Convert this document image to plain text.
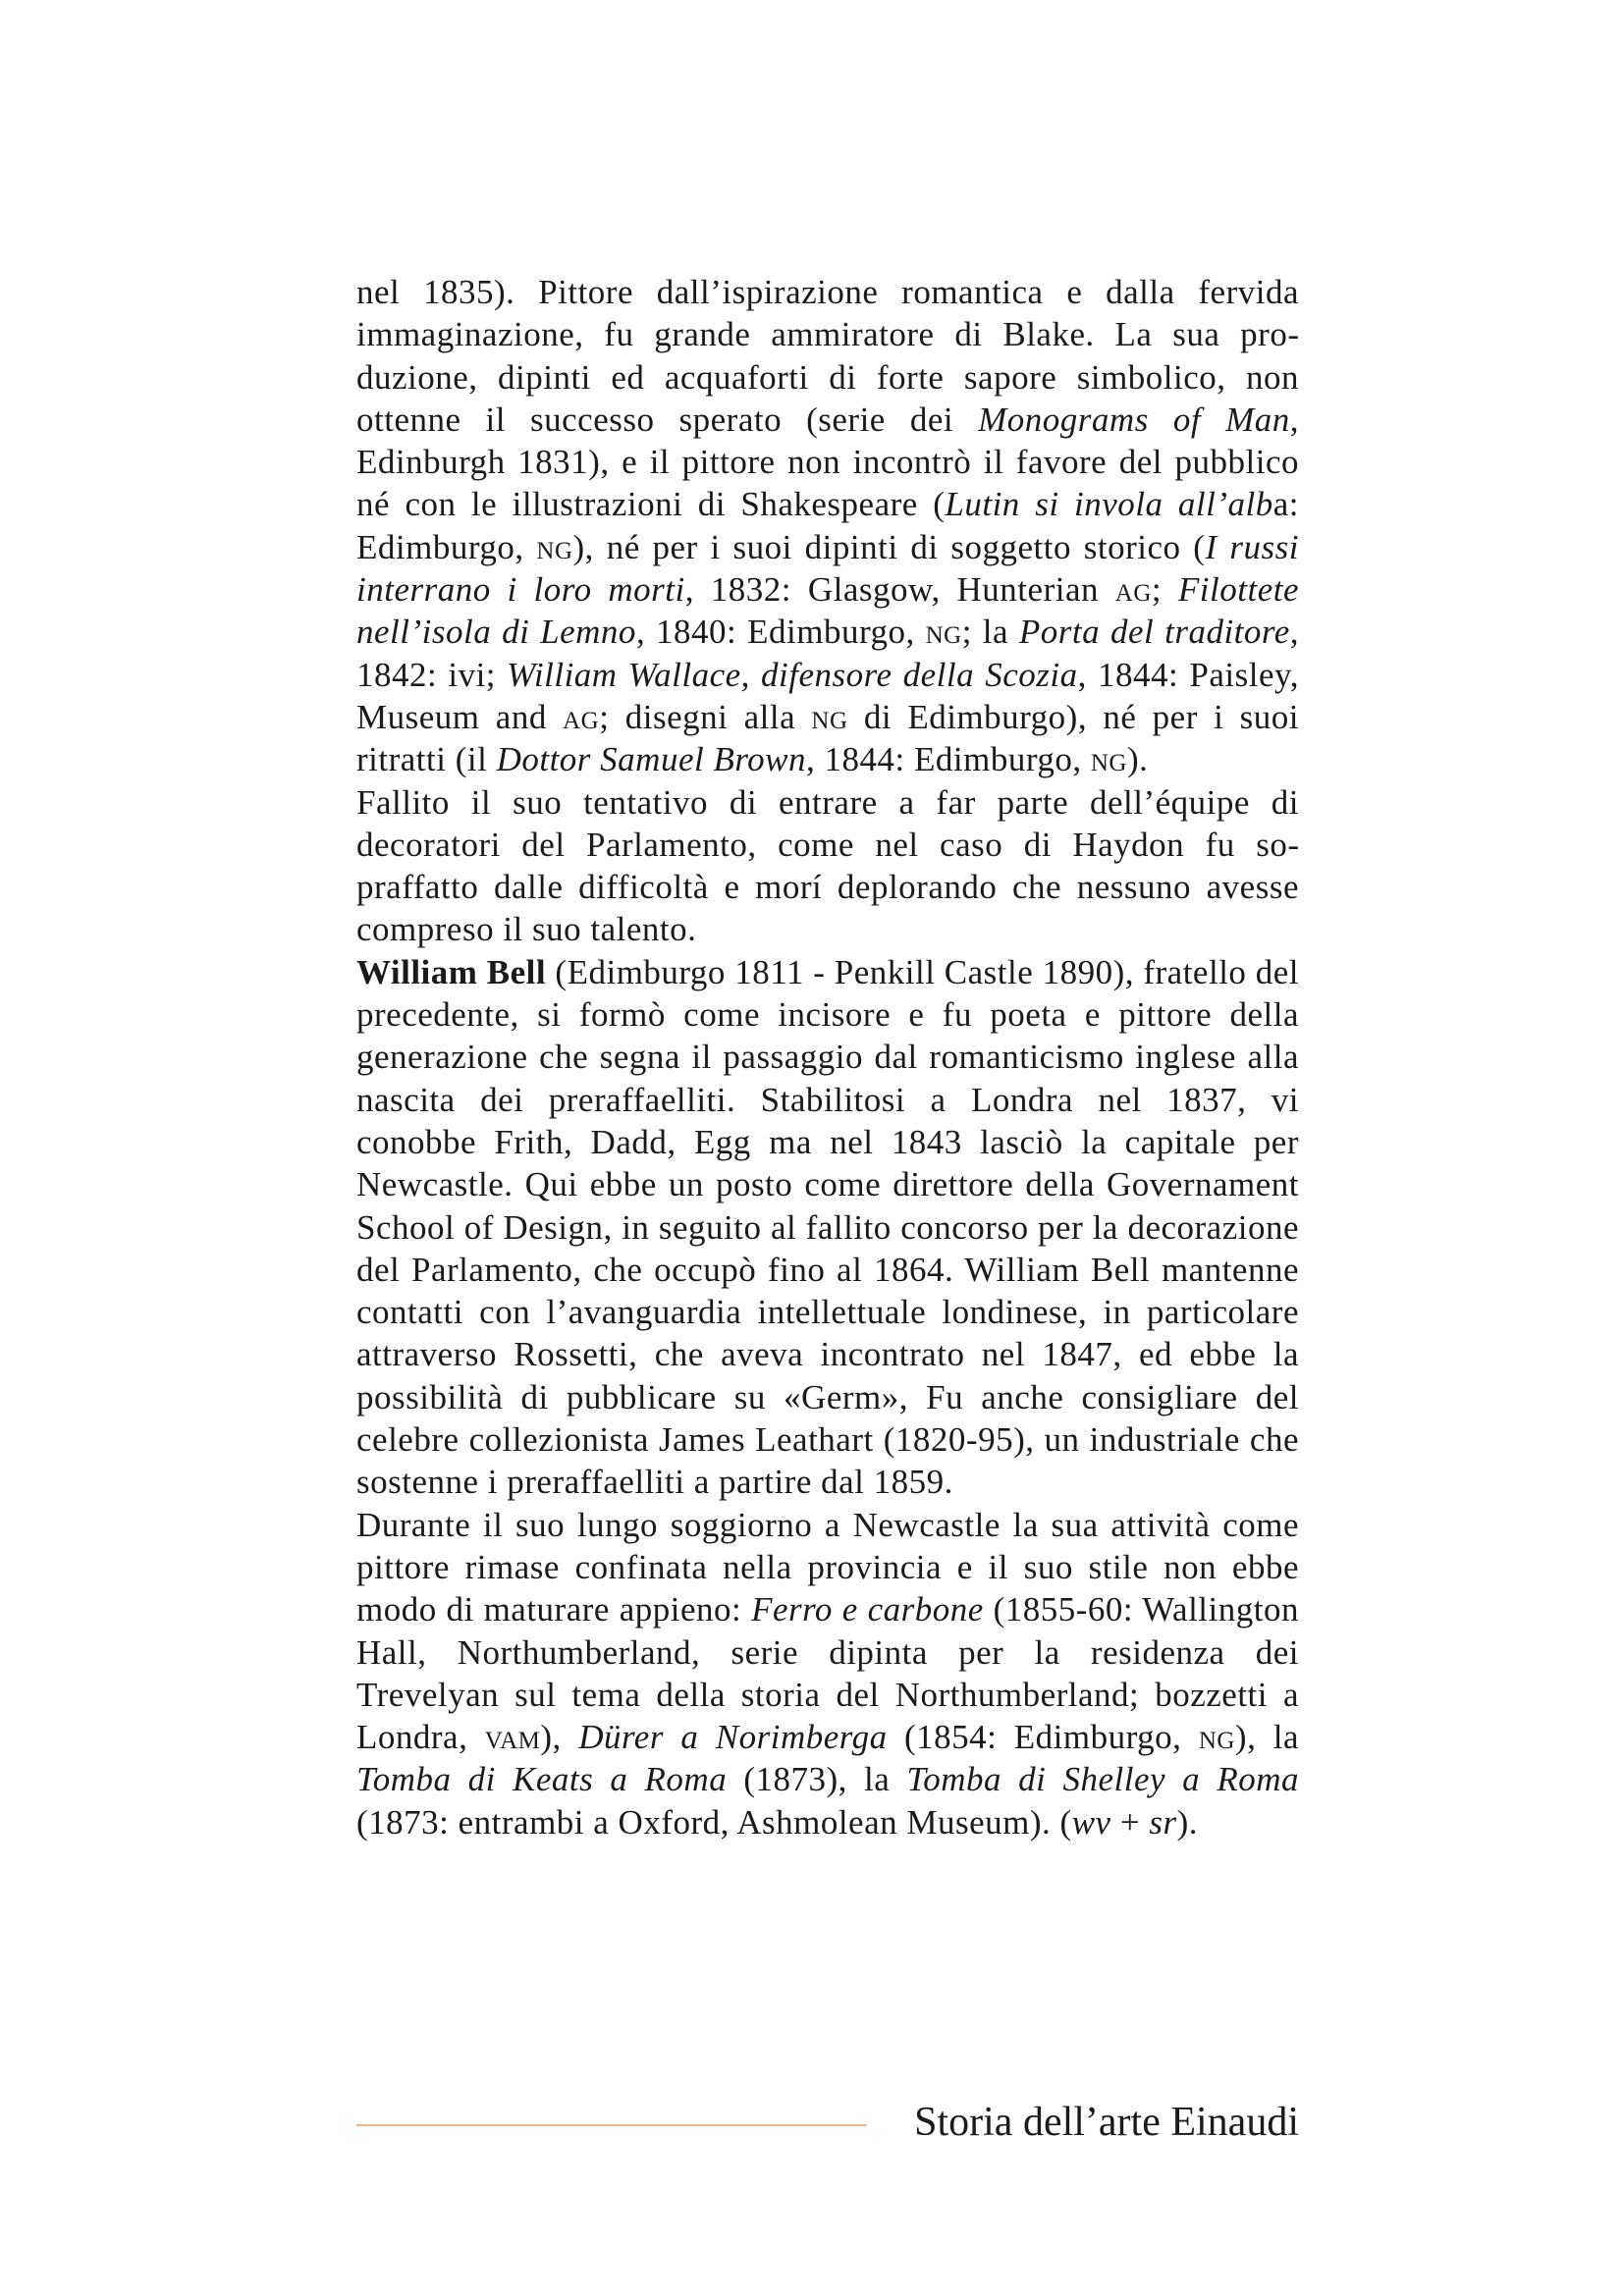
nel 1835). Pittore dall’ispirazione romantica e dalla fervida immaginazione, fu grande ammiratore di Blake. La sua produzione, dipinti ed acquaforti di forte sapore simbolico, non ottenne il successo sperato (serie dei Monograms of Man, Edinburgh 1831), e il pittore non incontrò il favore del pubblico né con le illustrazioni di Shakespeare (Lutin si invola all’alba: Edimburgo, ng), né per i suoi dipinti di soggetto storico (I russi interrano i loro morti, 1832: Glasgow, Hunterian ag; Filottete nell’isola di Lemno, 1840: Edimburgo, ng; la Porta del traditore, 1842: ivi; William Wallace, difensore della Scozia, 1844: Paisley, Museum and ag; disegni alla ng di Edimburgo), né per i suoi ritratti (il Dottor Samuel Brown, 1844: Edimburgo, ng).

Fallito il suo tentativo di entrare a far parte dell’équipe di decoratori del Parlamento, come nel caso di Haydon fu sopraffatto dalle difficoltà e morí deplorando che nessuno avesse compreso il suo talento.

William Bell (Edimburgo 1811 - Penkill Castle 1890), fratello del precedente, si formò come incisore e fu poeta e pittore della generazione che segna il passaggio dal romanticismo inglese alla nascita dei preraffaelliti. Stabilitosi a Londra nel 1837, vi conobbe Frith, Dadd, Egg ma nel 1843 lasciò la capitale per Newcastle. Qui ebbe un posto come direttore della Governament School of Design, in seguito al fallito concorso per la decorazione del Parlamento, che occupò fino al 1864. William Bell mantenne contatti con l’avanguardia intellettuale londinese, in particolare attraverso Rossetti, che aveva incontrato nel 1847, ed ebbe la possibilità di pubblicare su «Germ», Fu anche consigliare del celebre collezionista James Leathart (1820-95), un industriale che sostenne i preraffaelliti a partire dal 1859.

Durante il suo lungo soggiorno a Newcastle la sua attività come pittore rimase confinata nella provincia e il suo stile non ebbe modo di maturare appieno: Ferro e carbone (1855-60: Wallington Hall, Northumberland, serie dipinta per la residenza dei Trevelyan sul tema della storia del Northumberland; bozzetti a Londra, vam), Dürer a Norimberga (1854: Edimburgo, ng), la Tomba di Keats a Roma (1873), la Tomba di Shelley a Roma (1873: entrambi a Oxford, Ashmolean Museum). (wv + sr).

Storia dell’arte Einaudi
